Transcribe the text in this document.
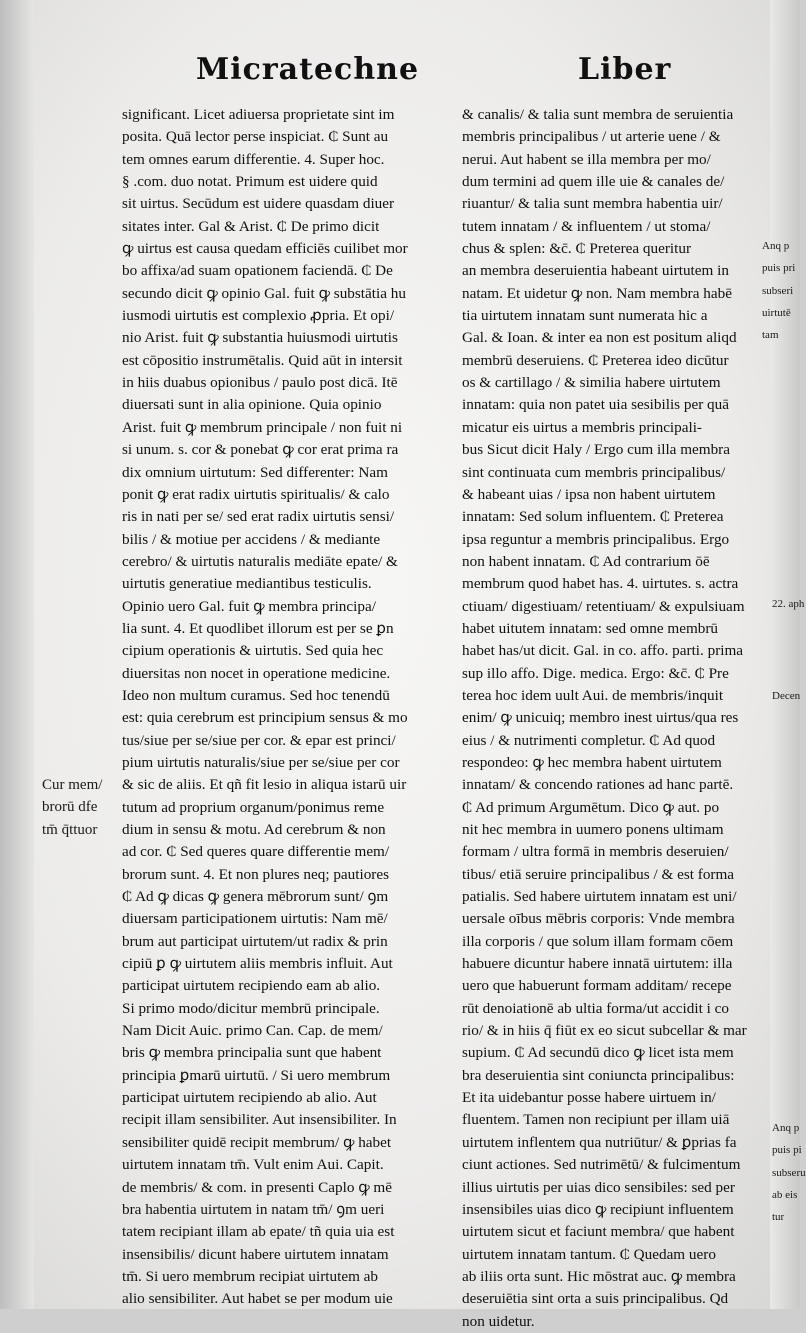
Micratechne	Liber
significant. Licet adiuersa proprietate sint im
posita. Quā lector perse inspiciat. ₵ Sunt au
tem omnes earum differentie. 4. Super hoc.
§ .com. duo notat. Primum est uidere quid
sit uirtus. Secūdum est uidere quasdam diuer
sitates inter. Gal & Arist. ₵ De primo dicit
ꝙ uirtus est causa quedam efficiēs cuilibet mor
bo affixa/ad suam opationem faciendā. ₵ De
secundo dicit ꝙ opinio Gal. fuit ꝙ substātia hu
iusmodi uirtutis est complexio ꝓpria. Et opi/
nio Arist. fuit ꝙ substantia huiusmodi uirtutis
est cōpositio instrumētalis. Quid aūt in intersit
in hiis duabus opionibus / paulo post dicā. Itē
diuersati sunt in alia opinione. Quia opinio
Arist. fuit ꝙ membrum principale / non fuit ni
si unum. s. cor & ponebat ꝙ cor erat prima ra
dix omnium uirtutum: Sed differenter: Nam
ponit ꝙ erat radix uirtutis spiritualis/ & calo
ris in nati per se/ sed erat radix uirtutis sensi/
bilis / & motiue per accidens / & mediante
cerebro/ & uirtutis naturalis mediāte epate/ &
uirtutis generatiue mediantibus testiculis.
Opinio uero Gal. fuit ꝙ membra principa/
lia sunt. 4. Et quodlibet illorum est per se ꝑn
cipium operationis & uirtutis. Sed quia hec
diuersitas non nocet in operatione medicine.
Ideo non multum curamus. Sed hoc tenendū
est: quia cerebrum est principium sensus & mo
tus/siue per se/siue per cor. & epar est princi/
pium uirtutis naturalis/siue per se/siue per cor
& sic de aliis. Et qñ fit lesio in aliqua istarū uir
tutum ad proprium organum/ponimus reme
dium in sensu & motu. Ad cerebrum & non
ad cor. ₵ Sed queres quare differentie mem/
brorum sunt. 4. Et non plures neq; pautiores
₵ Ad ꝙ dicas ꝙ genera mēbrorum sunt/ ꝯm
diuersam participationem uirtutis: Nam mē/
brum aut participat uirtutem/ut radix & prin
cipiū ꝑ ꝙ uirtutem aliis membris influit. Aut
participat uirtutem recipiendo eam ab alio.
Si primo modo/dicitur membrū principale.
Nam Dicit Auic. primo Can. Cap. de mem/
bris ꝙ membra principalia sunt que habent
principia ꝑmarū uirtutū. / Si uero membrum
participat uirtutem recipiendo ab alio. Aut
recipit illam sensibiliter. Aut insensibiliter. In
sensibiliter quidē recipit membrum/ ꝙ habet
uirtutem innatam tm̄. Vult enim Aui. Capit.
de membris/ & com. in presenti Caplo ꝙ mē
bra habentia uirtutem in natam tm̄/ ꝯm ueri
tatem recipiant illam ab epate/ tñ quia uia est
insensibilis/ dicunt habere uirtutem innatam
tm̄. Si uero membrum recipiat uirtutem ab
alio sensibiliter. Aut habet se per modum uie
& canalis/ & talia sunt membra de seruientia
membris principalibus / ut arterie uene / &
nerui. Aut habent se illa membra per mo/
dum termini ad quem ille uie & canales de/
riuantur/ & talia sunt membra habentia uir/
tutem innatam / & influentem / ut stoma/
chus & splen: &c̄. ₵ Preterea queritur
an membra deseruientia habeant uirtutem in
natam. Et uidetur ꝙ non. Nam membra habē
tia uirtutem innatam sunt numerata hic a
Gal. & Ioan. & inter ea non est positum aliqd
membrū deseruiens. ₵ Preterea ideo dicūtur
os & cartillago / & similia habere uirtutem
innatam: quia non patet uia sesibilis per quā
micatur eis uirtus a membris principali-
bus Sicut dicit Haly / Ergo cum illa membra
sint continuata cum membris principalibus/
& habeant uias / ipsa non habent uirtutem
innatam: Sed solum influentem. ₵ Preterea
ipsa reguntur a membris principalibus. Ergo
non habent innatam. ₵ Ad contrarium ōē
membrum quod habet has. 4. uirtutes. s. actra
ctiuam/ digestiuam/ retentiuam/ & expulsiuam
habet uitutem innatam: sed omne membrū
habet has/ut dicit. Gal. in co. affo. parti. prima
sup illo affo. Dige. medica. Ergo: &c̄. ₵ Pre
terea hoc idem uult Aui. de membris/inquit
enim/ ꝙ unicuiq; membro inest uirtus/qua res
eius / & nutrimenti completur. ₵ Ad quod
respondeo: ꝙ hec membra habent uirtutem
innatam/ & concendo rationes ad hanc partē.
₵ Ad primum Argumētum. Dico ꝙ aut. po
nit hec membra in uumero ponens ultimam
formam / ultra formā in membris deseruien/
tibus/ etiā seruire principalibus / & est forma
patialis. Sed habere uirtutem innatam est uni/
uersale oībus mēbris corporis: Vnde membra
illa corporis / que solum illam formam cōem
habuere dicuntur habere innatā uirtutem: illa
uero que habuerunt formam additam/ recepe
rūt denoiationē ab ultia forma/ut accidit i co
rio/ & in hiis q̄ fiūt ex eo sicut subcellar & mar
supium. ₵ Ad secundū dico ꝙ licet ista mem
bra deseruientia sint coniuncta principalibus:
Et ita uidebantur posse habere uirtuem in/
fluentem. Tamen non recipiunt per illam uiā
uirtutem inflentem qua nutriūtur/ & ꝑprias fa
ciunt actiones. Sed nutrimētū/ & fulcimentum
illius uirtutis per uias dico sensibiles: sed per
insensibiles uias dico ꝙ recipiunt influentem
uirtutem sicut et faciunt membra/ que habent
uirtutem innatam tantum. ₵ Quedam uero
ab iliis orta sunt. Hic mōstrat auc. ꝙ membra
deseruiētia sint orta a suis principalibus. Qd
non uidetur.
Cur mem/
brorū dfe
tm̄ q̄ttuor
Anq p
puis pri
subseri
uirtutē
tam
22. aph
Decen
Anq p
puis pi
subseru
ab eis
tur
